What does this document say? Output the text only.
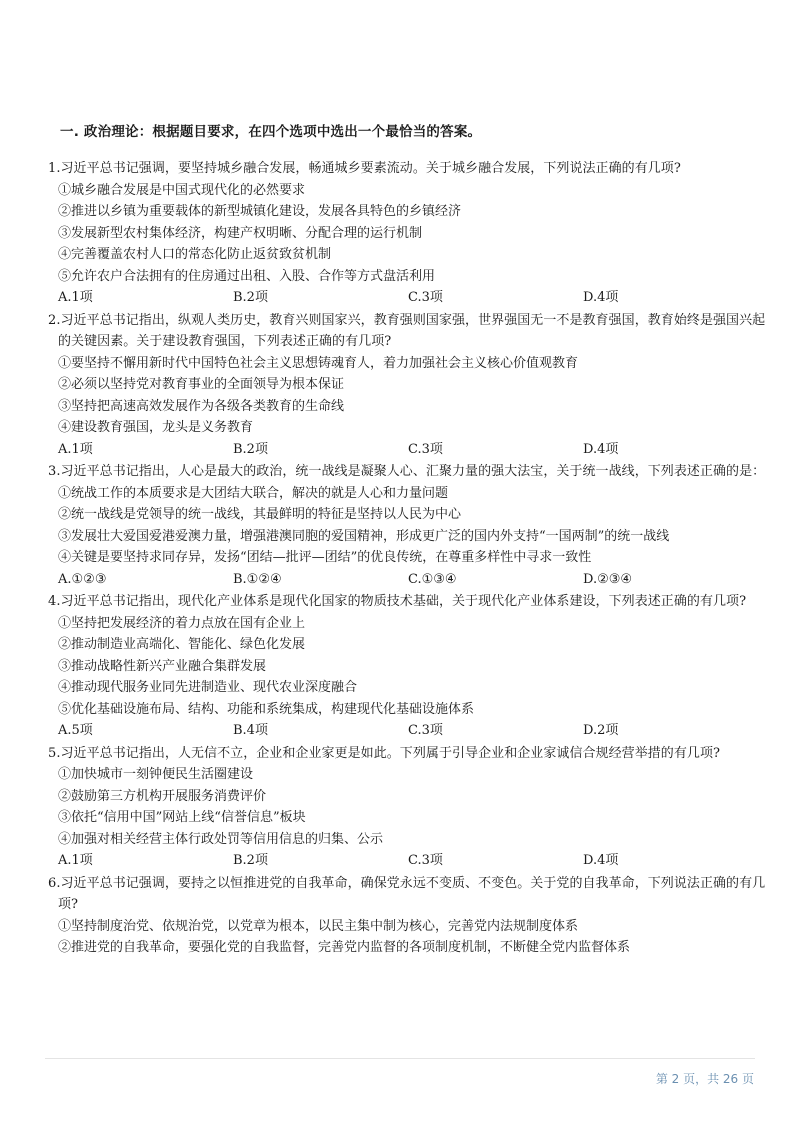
一. 政治理论：根据题目要求，在四个选项中选出一个最恰当的答案。
1.习近平总书记强调，要坚持城乡融合发展，畅通城乡要素流动。关于城乡融合发展，下列说法正确的有几项?
①城乡融合发展是中国式现代化的必然要求
②推进以乡镇为重要载体的新型城镇化建设，发展各具特色的乡镇经济
③发展新型农村集体经济，构建产权明晰、分配合理的运行机制
④完善覆盖农村人口的常态化防止返贫致贫机制
⑤允许农户合法拥有的住房通过出租、入股、合作等方式盘活利用
A.1项	B.2项	C.3项	D.4项
2.习近平总书记指出，纵观人类历史，教育兴则国家兴，教育强则国家强，世界强国无一不是教育强国，教育始终是强国兴起的关键因素。关于建设教育强国，下列表述正确的有几项?
①要坚持不懈用新时代中国特色社会主义思想铸魂育人，着力加强社会主义核心价值观教育
②必须以坚持党对教育事业的全面领导为根本保证
③坚持把高速高效发展作为各级各类教育的生命线
④建设教育强国，龙头是义务教育
A.1项	B.2项	C.3项	D.4项
3.习近平总书记指出，人心是最大的政治，统一战线是凝聚人心、汇聚力量的强大法宝，关于统一战线，下列表述正确的是：
①统战工作的本质要求是大团结大联合，解决的就是人心和力量问题
②统一战线是党领导的统一战线，其最鲜明的特征是坚持以人民为中心
③发展壮大爱国爱港爱澳力量，增强港澳同胞的爱国精神，形成更广泛的国内外支持“一国两制”的统一战线
④关键是要坚持求同存异，发扬“团结—批评—团结”的优良传统，在尊重多样性中寻求一致性
A.①②③	B.①②④	C.①③④	D.②③④
4.习近平总书记指出，现代化产业体系是现代化国家的物质技术基础，关于现代化产业体系建设，下列表述正确的有几项?
①坚持把发展经济的着力点放在国有企业上
②推动制造业高端化、智能化、绿色化发展
③推动战略性新兴产业融合集群发展
④推动现代服务业同先进制造业、现代农业深度融合
⑤优化基础设施布局、结构、功能和系统集成，构建现代化基础设施体系
A.5项	B.4项	C.3项	D.2项
5.习近平总书记指出，人无信不立，企业和企业家更是如此。下列属于引导企业和企业家诚信合规经营举措的有几项?
①加快城市一刻钟便民生活圈建设
②鼓励第三方机构开展服务消费评价
③依托“信用中国”网站上线“信誉信息”板块
④加强对相关经营主体行政处罚等信用信息的归集、公示
A.1项	B.2项	C.3项	D.4项
6.习近平总书记强调，要持之以恒推进党的自我革命，确保党永远不变质、不变色。关于党的自我革命，下列说法正确的有几项?
①坚持制度治党、依规治党，以党章为根本，以民主集中制为核心，完善党内法规制度体系
②推进党的自我革命，要强化党的自我监督，完善党内监督的各项制度机制，不断健全党内监督体系
第 2 页，共 26 页
